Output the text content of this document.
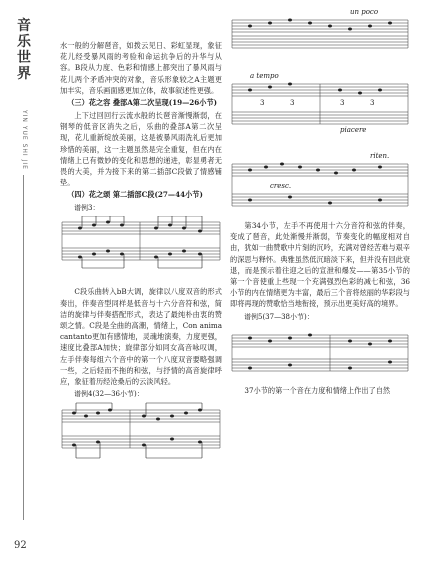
音
乐
世
界
YIN YUE SHI JIE
92

水一般的分解琶音，如拨云见日、彩虹显现，象征花儿经受暴风雨的考验和命运抗争后的升华与从容。B段从力度、色彩和情感上都突出了暴风雨与花儿两个矛盾冲突的对象，音乐形象较之A主题更加丰实，音乐画面感更加立体，故事叙述性更强。

（三）花之容 叠部A第二次呈现(19—26小节)

上下过回回行云流水般的长琶音渐慢渐弱，在钢琴的低音区消失之后，乐曲的叠部A第二次呈现，花儿重新绽放美丽，这是被暴风雨洗礼后更加珍惜的美丽，这一主题虽然是完全重复，但在内在情绪上已有微妙的变化和思想的递进，彰显勇者无畏的大美，并为接下来的第二插部C段做了情感铺垫。

（四）花之颂 第二插部C段(27—44小节)
谱例3：

C段乐曲转入bB大调，旋律以八度双音的形式奏出，伴奏音型同样是低音与十六分音符和弦，简洁的旋律与伴奏搭配形式，表达了最纯朴由衷的赞颂之情。C段是全曲的高潮，情绪上，Con anima cantanto更加有感情地，灵魂地演奏，力度更强，速度比叠部A加快；旋律部分如同女高音咏叹调，左手伴奏每组六个音中的第一个八度双音要略强调一些，之后轻而不拖的和弦，与抒情的高音旋律呼应，象征着历经沧桑后的云淡风轻。

谱例4(32—36小节)：
un poco
a tempo
piacere
riten.
cresc.
3	3	3	3

第34小节，左手不再使用十六分音符和弦的伴奏，变成了琶音，此处渐慢并渐弱，节奏变化的幅度相对自由，犹如一曲赞歌中片刻的沉吟，充满对曾经苦难与艰辛的深思与释怀。典雅虽然低沉暗淡下来，但并没有回此衰退，而是预示着往迎之后的宣泄和爆发——第35小节的第一个音使重上些现一个充满强烈色彩的减七和弦，36小节的内在情绪更为丰富，最后三个音将炫丽的华彩段与即将再现的赞歌恰当地衔接，预示出更美好高的境界。

谱例5(37—38小节)：

37小节的第一个音在力度和情绪上作出了自然
